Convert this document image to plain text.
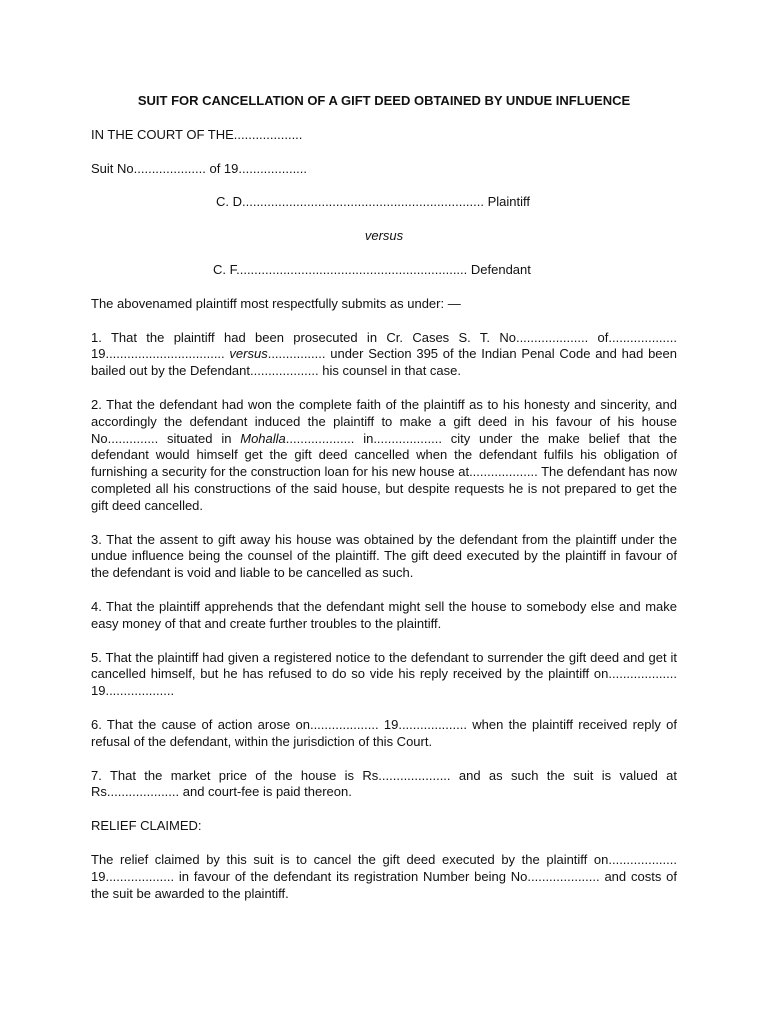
SUIT FOR CANCELLATION OF A GIFT DEED OBTAINED BY UNDUE INFLUENCE

IN THE COURT OF THE...................

Suit No.................... of 19...................

C. D................................................................... Plaintiff

versus

C. F................................................................ Defendant

The abovenamed plaintiff most respectfully submits as under: —

1. That the plaintiff had been prosecuted in Cr. Cases S. T. No.................... of................... 19................................. versus................ under Section 395 of the Indian Penal Code and had been bailed out by the Defendant................... his counsel in that case.

2. That the defendant had won the complete faith of the plaintiff as to his honesty and sincerity, and accordingly the defendant induced the plaintiff to make a gift deed in his favour of his house No.............. situated in Mohalla................... in................... city under the make belief that the defendant would himself get the gift deed cancelled when the defendant fulfils his obligation of furnishing a security for the construction loan for his new house at................... The defendant has now completed all his constructions of the said house, but despite requests he is not prepared to get the gift deed cancelled.

3. That the assent to gift away his house was obtained by the defendant from the plaintiff under the undue influence being the counsel of the plaintiff. The gift deed executed by the plaintiff in favour of the defendant is void and liable to be cancelled as such.

4. That the plaintiff apprehends that the defendant might sell the house to somebody else and make easy money of that and create further troubles to the plaintiff.

5. That the plaintiff had given a registered notice to the defendant to surrender the gift deed and get it cancelled himself, but he has refused to do so vide his reply received by the plaintiff on................... 19...................

6. That the cause of action arose on................... 19................... when the plaintiff received reply of refusal of the defendant, within the jurisdiction of this Court.

7. That the market price of the house is Rs.................... and as such the suit is valued at Rs.................... and court-fee is paid thereon.

RELIEF CLAIMED:

The relief claimed by this suit is to cancel the gift deed executed by the plaintiff on................... 19................... in favour of the defendant its registration Number being No.................... and costs of the suit be awarded to the plaintiff.
